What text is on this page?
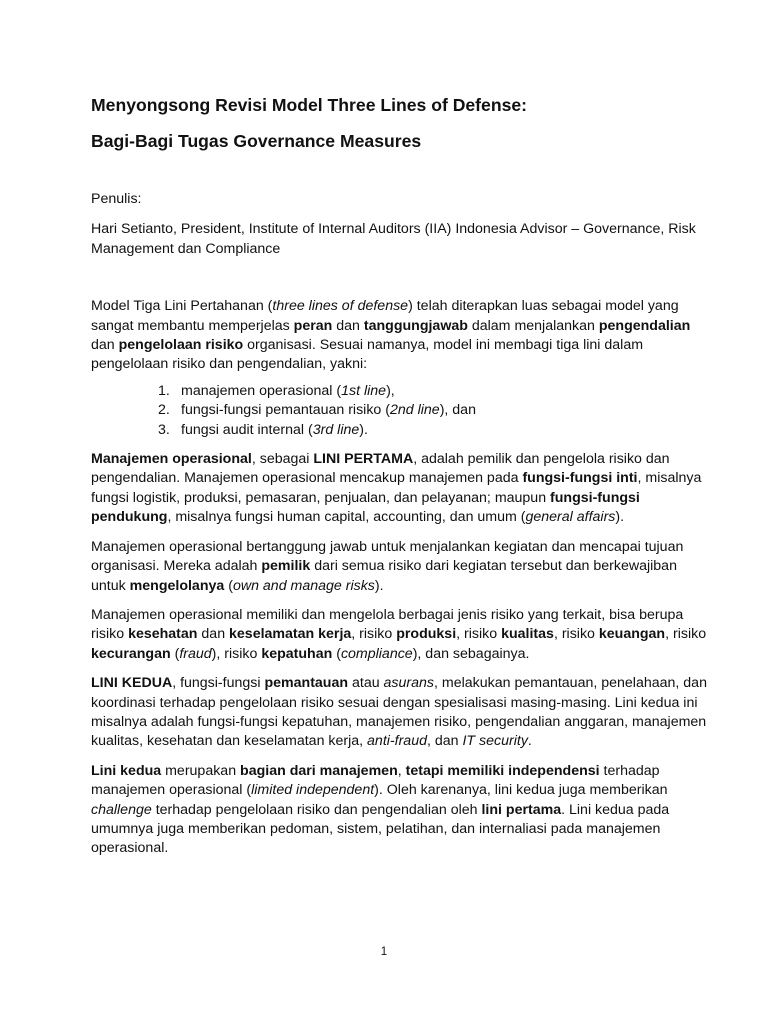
Menyongsong Revisi Model Three Lines of Defense:
Bagi-Bagi Tugas Governance Measures

Penulis:

Hari Setianto, President, Institute of Internal Auditors (IIA) Indonesia Advisor – Governance, Risk Management dan Compliance

Model Tiga Lini Pertahanan (three lines of defense) telah diterapkan luas sebagai model yang sangat membantu memperjelas peran dan tanggungjawab dalam menjalankan pengendalian dan pengelolaan risiko organisasi. Sesuai namanya, model ini membagi tiga lini dalam pengelolaan risiko dan pengendalian, yakni:

1. manajemen operasional (1st line),
2. fungsi-fungsi pemantauan risiko (2nd line), dan
3. fungsi audit internal (3rd line).

Manajemen operasional, sebagai LINI PERTAMA, adalah pemilik dan pengelola risiko dan pengendalian. Manajemen operasional mencakup manajemen pada fungsi-fungsi inti, misalnya fungsi logistik, produksi, pemasaran, penjualan, dan pelayanan; maupun fungsi-fungsi pendukung, misalnya fungsi human capital, accounting, dan umum (general affairs).

Manajemen operasional bertanggung jawab untuk menjalankan kegiatan dan mencapai tujuan organisasi. Mereka adalah pemilik dari semua risiko dari kegiatan tersebut dan berkewajiban untuk mengelolanya (own and manage risks).

Manajemen operasional memiliki dan mengelola berbagai jenis risiko yang terkait, bisa berupa risiko kesehatan dan keselamatan kerja, risiko produksi, risiko kualitas, risiko keuangan, risiko kecurangan (fraud), risiko kepatuhan (compliance), dan sebagainya.

LINI KEDUA, fungsi-fungsi pemantauan atau asurans, melakukan pemantauan, penelahaan, dan koordinasi terhadap pengelolaan risiko sesuai dengan spesialisasi masing-masing. Lini kedua ini misalnya adalah fungsi-fungsi kepatuhan, manajemen risiko, pengendalian anggaran, manajemen kualitas, kesehatan dan keselamatan kerja, anti-fraud, dan IT security.

Lini kedua merupakan bagian dari manajemen, tetapi memiliki independensi terhadap manajemen operasional (limited independent). Oleh karenanya, lini kedua juga memberikan challenge terhadap pengelolaan risiko dan pengendalian oleh lini pertama. Lini kedua pada umumnya juga memberikan pedoman, sistem, pelatihan, dan internaliasi pada manajemen operasional.

1
